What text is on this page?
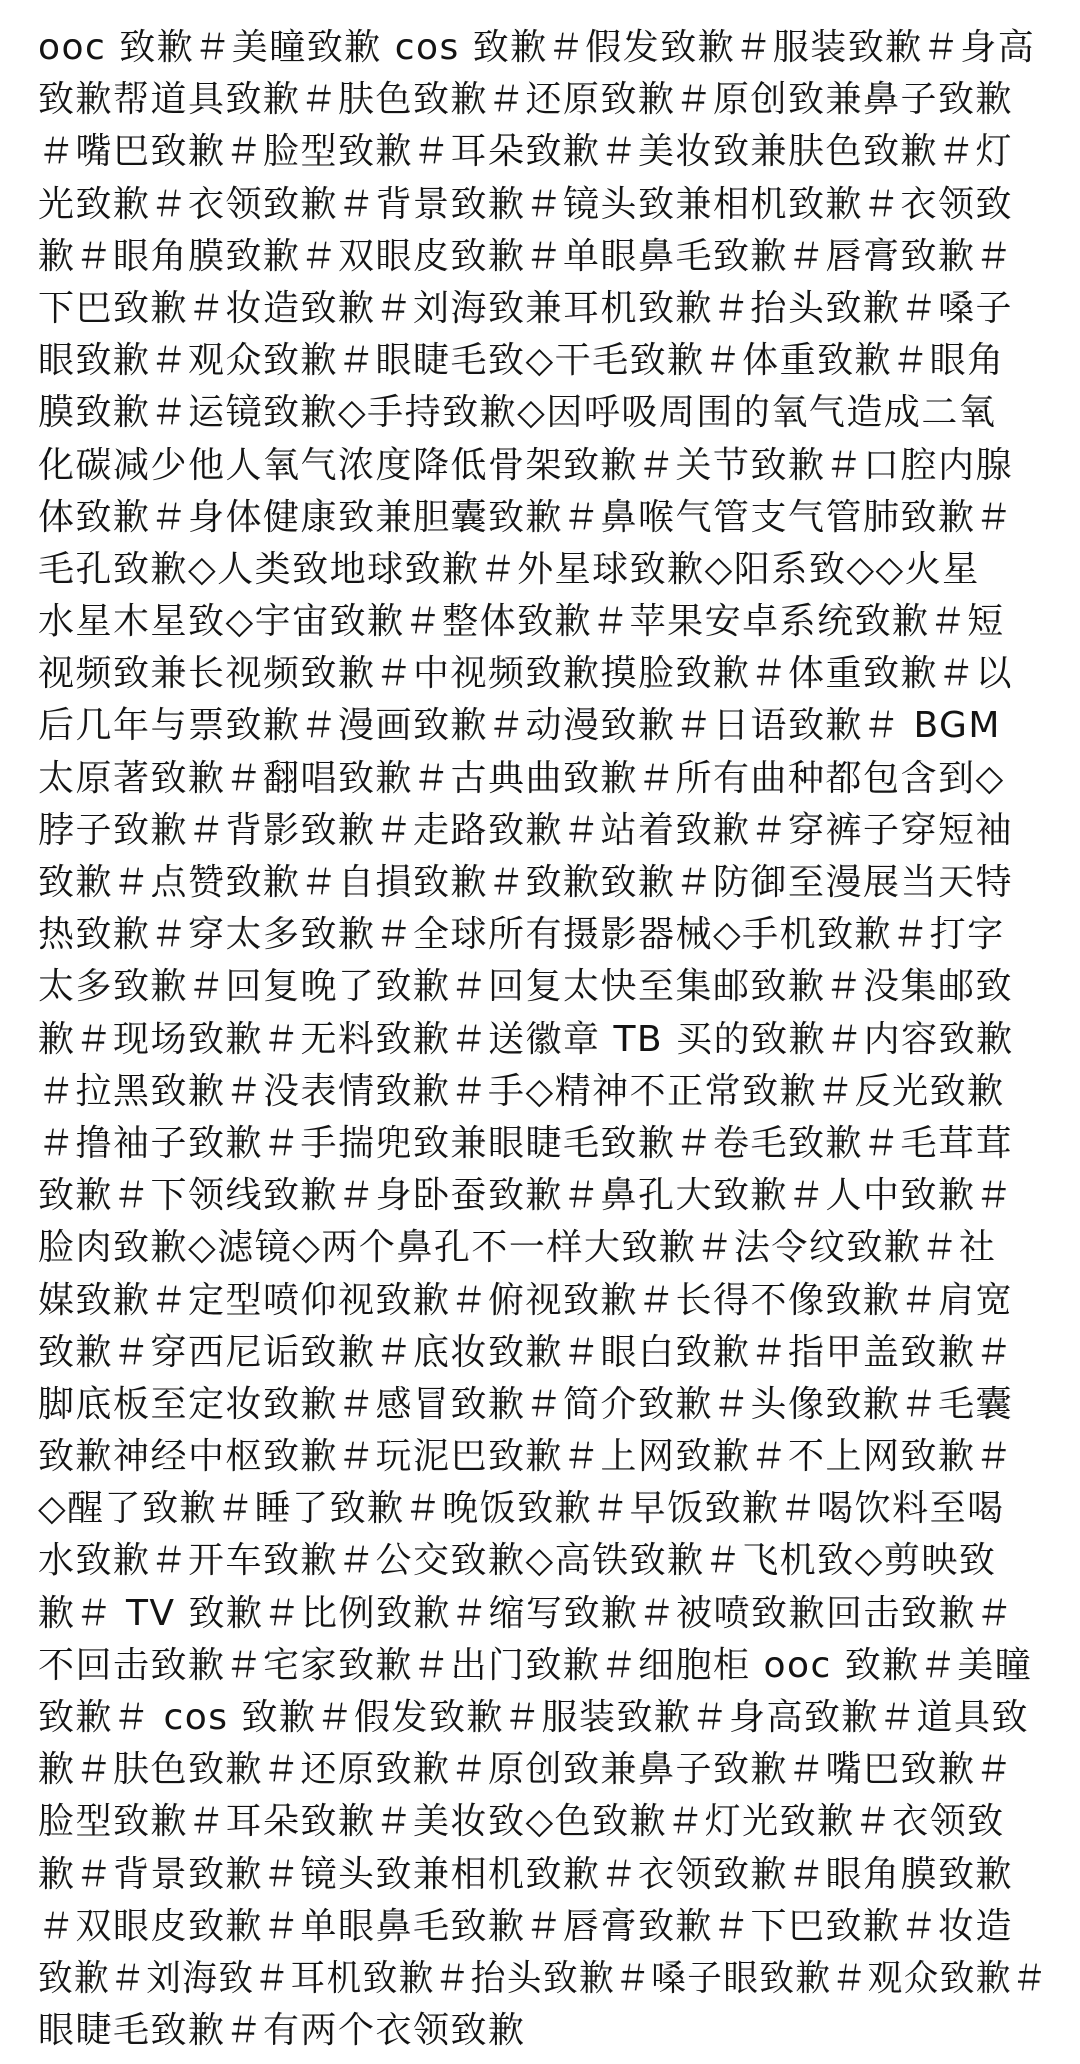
ooc 致歉＃美瞳致歉 cos 致歉＃假发致歉＃服装致歉＃身高
致歉帮道具致歉＃肤色致歉＃还原致歉＃原创致兼鼻子致歉
＃嘴巴致歉＃脸型致歉＃耳朵致歉＃美妆致兼肤色致歉＃灯
光致歉＃衣领致歉＃背景致歉＃镜头致兼相机致歉＃衣领致
歉＃眼角膜致歉＃双眼皮致歉＃单眼鼻毛致歉＃唇膏致歉＃
下巴致歉＃妆造致歉＃刘海致兼耳机致歉＃抬头致歉＃嗓子
眼致歉＃观众致歉＃眼睫毛致◇干毛致歉＃体重致歉＃眼角
膜致歉＃运镜致歉◇手持致歉◇因呼吸周围的氧气造成二氧
化碳减少他人氧气浓度降低骨架致歉＃关节致歉＃口腔内腺
体致歉＃身体健康致兼胆囊致歉＃鼻喉气管支气管肺致歉＃
毛孔致歉◇人类致地球致歉＃外星球致歉◇阳系致◇◇火星
水星木星致◇宇宙致歉＃整体致歉＃苹果安卓系统致歉＃短
视频致兼长视频致歉＃中视频致歉摸脸致歉＃体重致歉＃以
后几年与票致歉＃漫画致歉＃动漫致歉＃日语致歉＃ BGM
太原著致歉＃翻唱致歉＃古典曲致歉＃所有曲种都包含到◇
脖子致歉＃背影致歉＃走路致歉＃站着致歉＃穿裤子穿短袖
致歉＃点赞致歉＃自損致歉＃致歉致歉＃防御至漫展当天特
热致歉＃穿太多致歉＃全球所有摄影器械◇手机致歉＃打字
太多致歉＃回复晚了致歉＃回复太快至集邮致歉＃没集邮致
歉＃现场致歉＃无料致歉＃送徽章 TB 买的致歉＃内容致歉
＃拉黑致歉＃没表情致歉＃手◇精神不正常致歉＃反光致歉
＃撸袖子致歉＃手揣兜致兼眼睫毛致歉＃卷毛致歉＃毛茸茸
致歉＃下领线致歉＃身卧蚕致歉＃鼻孔大致歉＃人中致歉＃
脸肉致歉◇滤镜◇两个鼻孔不一样大致歉＃法令纹致歉＃社
媒致歉＃定型喷仰视致歉＃俯视致歉＃长得不像致歉＃肩宽
致歉＃穿西尼诟致歉＃底妆致歉＃眼白致歉＃指甲盖致歉＃
脚底板至定妆致歉＃感冒致歉＃简介致歉＃头像致歉＃毛囊
致歉神经中枢致歉＃玩泥巴致歉＃上网致歉＃不上网致歉＃
◇醒了致歉＃睡了致歉＃晚饭致歉＃早饭致歉＃喝饮料至喝
水致歉＃开车致歉＃公交致歉◇高铁致歉＃飞机致◇剪映致
歉＃ TV 致歉＃比例致歉＃缩写致歉＃被喷致歉回击致歉＃
不回击致歉＃宅家致歉＃出门致歉＃细胞柜 ooc 致歉＃美瞳
致歉＃ cos 致歉＃假发致歉＃服装致歉＃身高致歉＃道具致
歉＃肤色致歉＃还原致歉＃原创致兼鼻子致歉＃嘴巴致歉＃
脸型致歉＃耳朵致歉＃美妆致◇色致歉＃灯光致歉＃衣领致
歉＃背景致歉＃镜头致兼相机致歉＃衣领致歉＃眼角膜致歉
＃双眼皮致歉＃单眼鼻毛致歉＃唇膏致歉＃下巴致歉＃妆造
致歉＃刘海致＃耳机致歉＃抬头致歉＃嗓子眼致歉＃观众致歉＃
眼睫毛致歉＃有两个衣领致歉
